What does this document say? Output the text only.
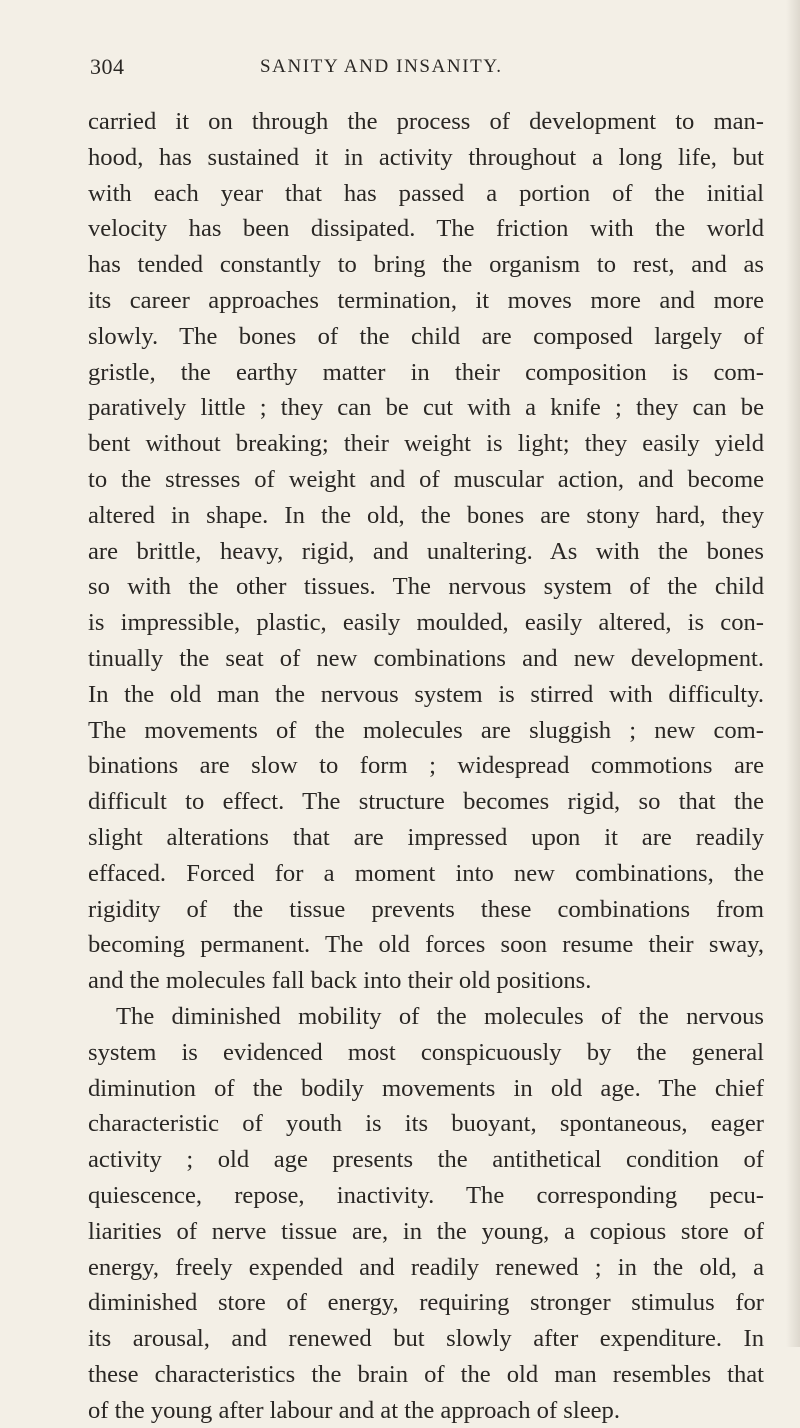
304	SANITY AND INSANITY.
carried it on through the process of development to man-
hood, has sustained it in activity throughout a long life, but
with each year that has passed a portion of the initial
velocity has been dissipated. The friction with the world
has tended constantly to bring the organism to rest, and as
its career approaches termination, it moves more and more
slowly. The bones of the child are composed largely of
gristle, the earthy matter in their composition is com-
paratively little ; they can be cut with a knife ; they can be
bent without breaking; their weight is light; they easily yield
to the stresses of weight and of muscular action, and become
altered in shape. In the old, the bones are stony hard, they
are brittle, heavy, rigid, and unaltering. As with the bones
so with the other tissues. The nervous system of the child
is impressible, plastic, easily moulded, easily altered, is con-
tinually the seat of new combinations and new development.
In the old man the nervous system is stirred with difficulty.
The movements of the molecules are sluggish ; new com-
binations are slow to form ; widespread commotions are
difficult to effect. The structure becomes rigid, so that the
slight alterations that are impressed upon it are readily
effaced. Forced for a moment into new combinations, the
rigidity of the tissue prevents these combinations from
becoming permanent. The old forces soon resume their sway,
and the molecules fall back into their old positions.
The diminished mobility of the molecules of the nervous
system is evidenced most conspicuously by the general
diminution of the bodily movements in old age. The chief
characteristic of youth is its buoyant, spontaneous, eager
activity ; old age presents the antithetical condition of
quiescence, repose, inactivity. The corresponding pecu-
liarities of nerve tissue are, in the young, a copious store of
energy, freely expended and readily renewed ; in the old, a
diminished store of energy, requiring stronger stimulus for
its arousal, and renewed but slowly after expenditure. In
these characteristics the brain of the old man resembles that
of the young after labour and at the approach of sleep.
